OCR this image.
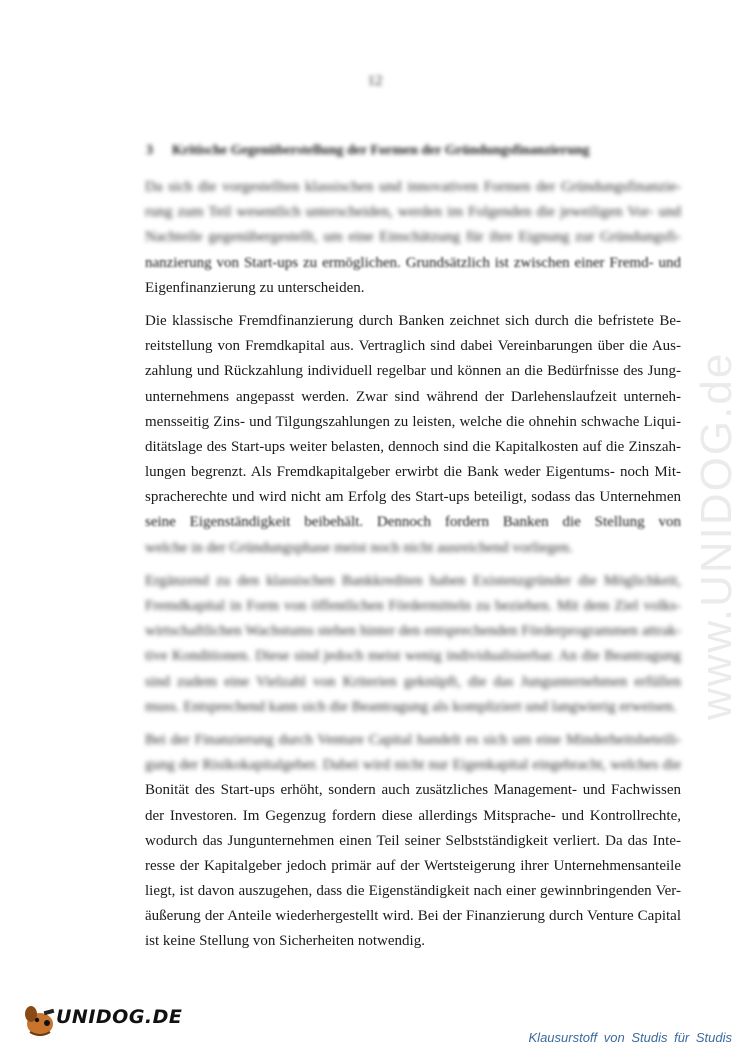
12
3 Kritische Gegenüberstellung der Formen der Gründungsfinanzierung
Da sich die vorgestellten klassischen und innovativen Formen der Gründungsfinanzie-
rung zum Teil wesentlich unterscheiden, werden im Folgenden die jeweiligen Vor- und
Nachteile gegenübergestellt, um eine Einschätzung für ihre Eignung zur Gründungsfi-
nanzierung von Start-ups zu ermöglichen. Grundsätzlich ist zwischen einer Fremd- und
Eigenfinanzierung zu unterscheiden.
Die klassische Fremdfinanzierung durch Banken zeichnet sich durch die befristete Be-
reitstellung von Fremdkapital aus. Vertraglich sind dabei Vereinbarungen über die Aus-
zahlung und Rückzahlung individuell regelbar und können an die Bedürfnisse des Jung-
unternehmens angepasst werden. Zwar sind während der Darlehenslaufzeit unterneh-
mensseitig Zins- und Tilgungszahlungen zu leisten, welche die ohnehin schwache Liqui-
ditätslage des Start-ups weiter belasten, dennoch sind die Kapitalkosten auf die Zinszah-
lungen begrenzt. Als Fremdkapitalgeber erwirbt die Bank weder Eigentums- noch Mit-
spracherechte und wird nicht am Erfolg des Start-ups beteiligt, sodass das Unternehmen
seine Eigenständigkeit beibehält. Dennoch fordern Banken die Stellung von
welche in der Gründungsphase meist noch nicht ausreichend vorliegen.
Ergänzend zu den klassischen Bankkrediten haben Existenzgründer die Möglichkeit,
Fremdkapital in Form von öffentlichen Fördermitteln zu beziehen. Mit dem Ziel volks-
wirtschaftlichen Wachstums stehen hinter den entsprechenden Förderprogrammen attrak-
tive Konditionen. Diese sind jedoch meist wenig individualisierbar. An die Beantragung
sind zudem eine Vielzahl von Kriterien geknüpft, die das Jungunternehmen erfüllen
muss. Entsprechend kann sich die Beantragung als kompliziert und langwierig erweisen.
Bei der Finanzierung durch Venture Capital handelt es sich um eine Minderheitsbeteili-
gung der Risikokapitalgeber. Dabei wird nicht nur Eigenkapital eingebracht, welches die
Bonität des Start-ups erhöht, sondern auch zusätzliches Management- und Fachwissen
der Investoren. Im Gegenzug fordern diese allerdings Mitsprache- und Kontrollrechte,
wodurch das Jungunternehmen einen Teil seiner Selbstständigkeit verliert. Da das Inte-
resse der Kapitalgeber jedoch primär auf der Wertsteigerung ihrer Unternehmensanteile
liegt, ist davon auszugehen, dass die Eigenständigkeit nach einer gewinnbringenden Ver-
äußerung der Anteile wiederhergestellt wird. Bei der Finanzierung durch Venture Capital
ist keine Stellung von Sicherheiten notwendig.
www.UNIDOG.de
UNIDOG.DE
Klausurstoff von Studis für Studis
